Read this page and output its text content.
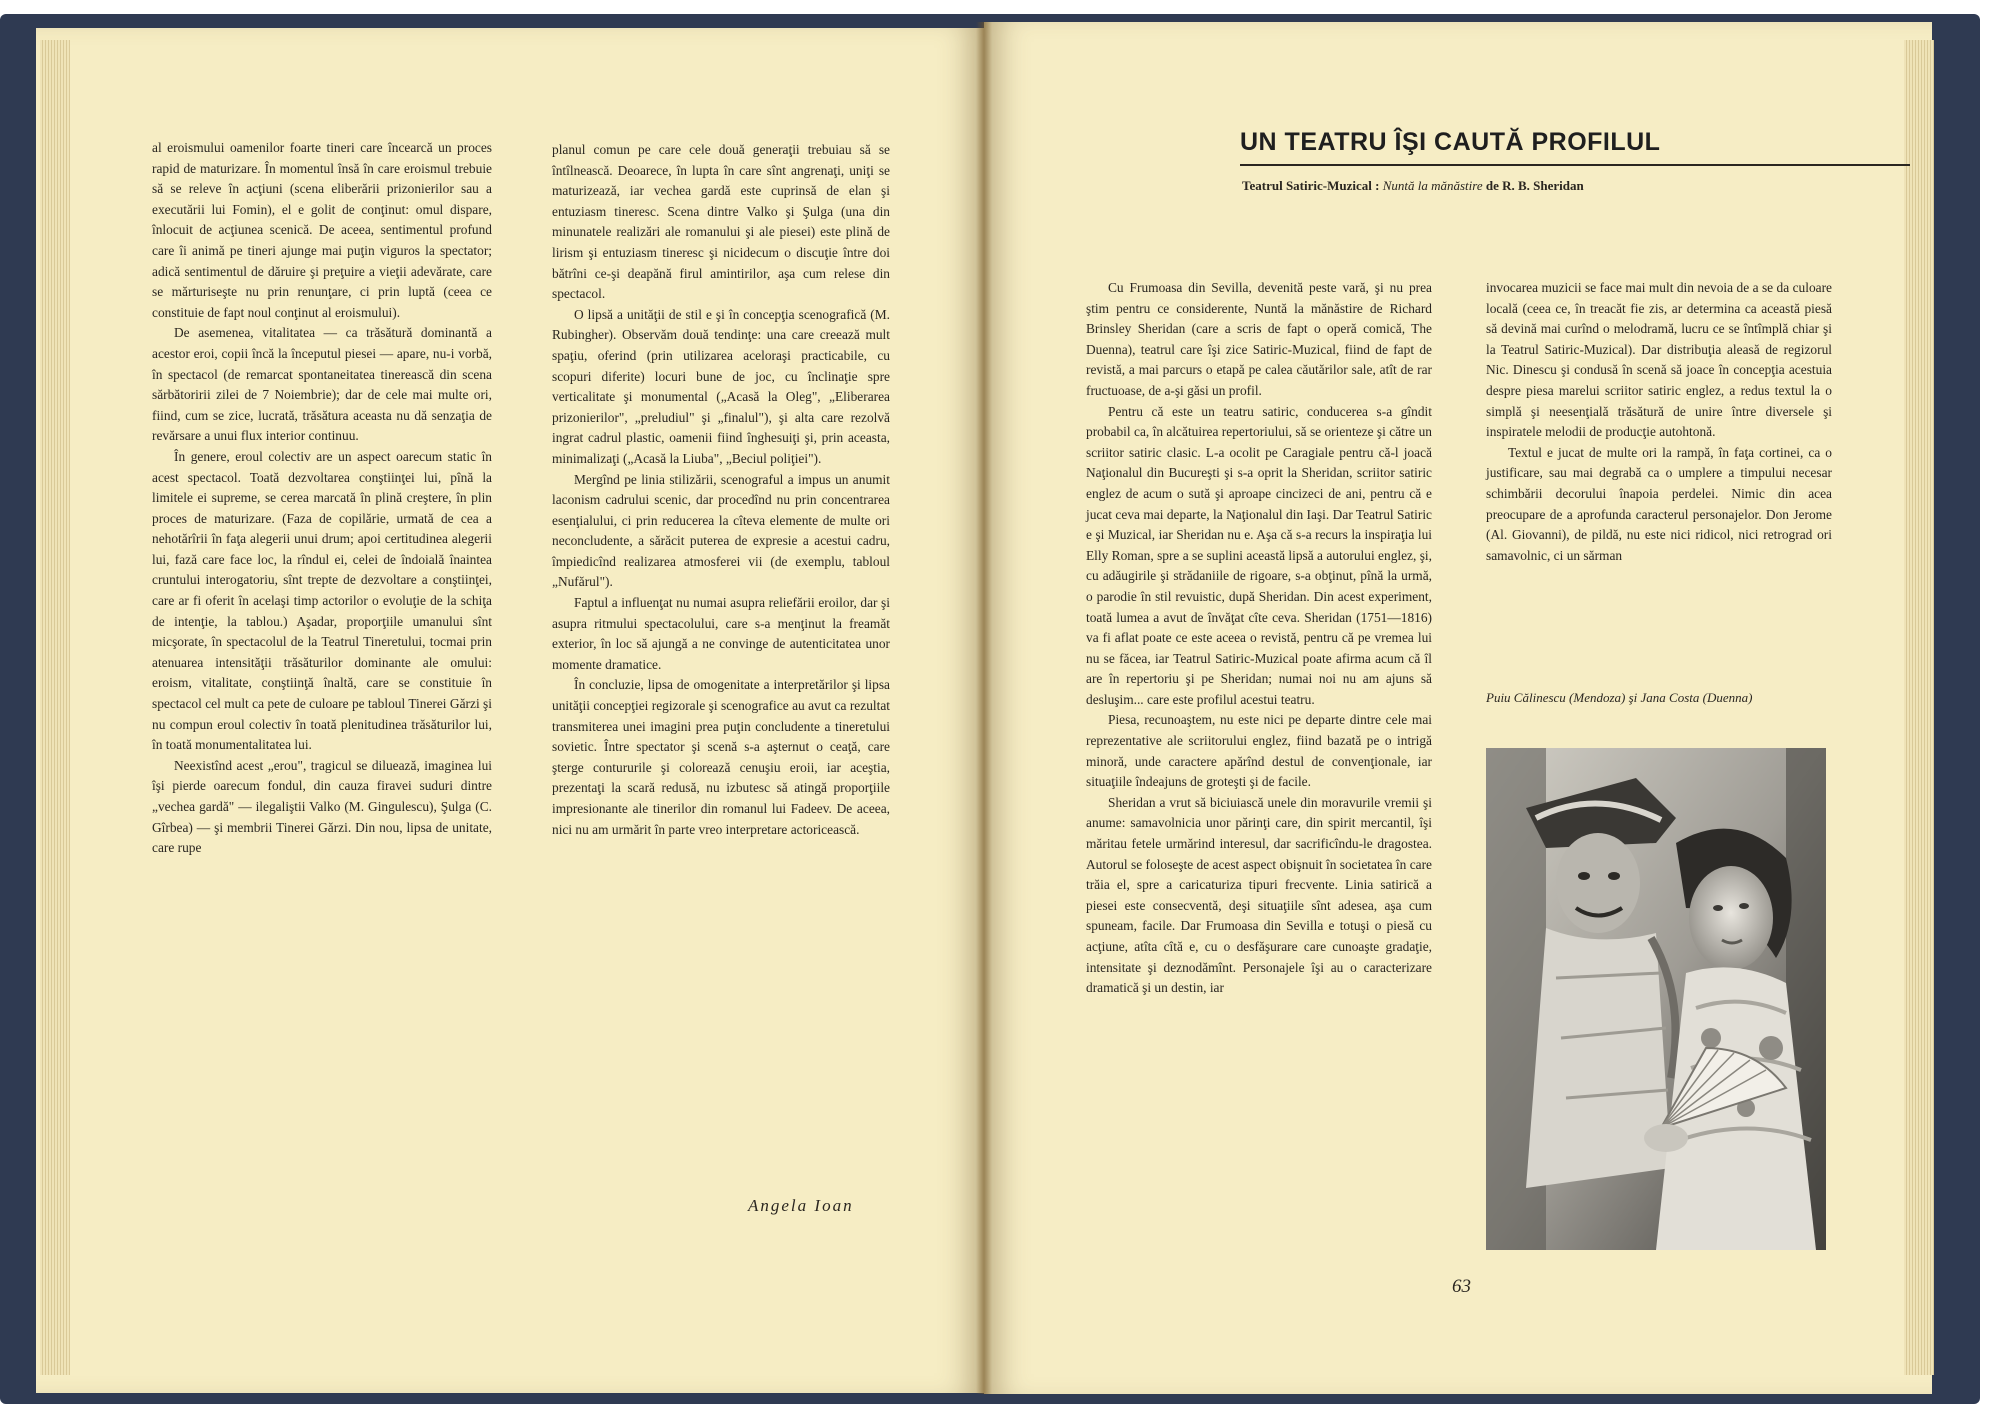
al eroismului oamenilor foarte tineri care încearcă un proces rapid de maturizare. În momentul însă în care eroismul trebuie să se releve în acţiuni (scena eliberării prizonierilor sau a executării lui Fomin), el e golit de conţinut: omul dispare, înlocuit de acţiunea scenică. De aceea, sentimentul profund care îi animă pe tineri ajunge mai puţin viguros la spectator; adică sentimentul de dăruire şi preţuire a vieţii adevărate, care se mărturiseşte nu prin renunţare, ci prin luptă (ceea ce constituie de fapt noul conţinut al eroismului).

De asemenea, vitalitatea — ca trăsătură dominantă a acestor eroi, copii încă la începutul piesei — apare, nu-i vorbă, în spectacol (de remarcat spontaneitatea tinerească din scena sărbătoririi zilei de 7 Noiembrie); dar de cele mai multe ori, fiind, cum se zice, lucrată, trăsătura aceasta nu dă senzaţia de revărsare a unui flux interior continuu.

În genere, eroul colectiv are un aspect oarecum static în acest spectacol. Toată dezvoltarea conştiinţei lui, pînă la limitele ei supreme, se cerea marcată în plină creştere, în plin proces de maturizare. (Faza de copilărie, urmată de cea a nehotărîrii în faţa alegerii unui drum; apoi certitudinea alegerii lui, fază care face loc, la rîndul ei, celei de îndoială înaintea cruntului interogatoriu, sînt trepte de dezvoltare a conştiinţei, care ar fi oferit în acelaşi timp actorilor o evoluţie de la schiţa de intenţie, la tablou.) Aşadar, proporţiile umanului sînt micşorate, în spectacolul de la Teatrul Tineretului, tocmai prin atenuarea intensităţii trăsăturilor dominante ale omului: eroism, vitalitate, conştiinţă înaltă, care se constituie în spectacol cel mult ca pete de culoare pe tabloul Tinerei Gărzi şi nu compun eroul colectiv în toată plenitudinea trăsăturilor lui, în toată monumentalitatea lui.

Neexistînd acest „erou", tragicul se diluează, imaginea lui îşi pierde oarecum fondul, din cauza firavei suduri dintre „vechea gardă" — ilegaliştii Valko (M. Gingulescu), Şulga (C. Gîrbea) — şi membrii Tinerei Gărzi. Din nou, lipsa de unitate, care rupe

planul comun pe care cele două generaţii trebuiau să se întîlnească. Deoarece, în lupta în care sînt angrenaţi, uniţi se maturizează, iar vechea gardă este cuprinsă de elan şi entuziasm tineresc. Scena dintre Valko şi Şulga (una din minunatele realizări ale romanului şi ale piesei) este plină de lirism şi entuziasm tineresc şi nicidecum o discuţie între doi bătrîni ce-şi deapănă firul amintirilor, aşa cum relese din spectacol.

O lipsă a unităţii de stil e şi în concepţia scenografică (M. Rubingher). Observăm două tendinţe: una care creează mult spaţiu, oferind (prin utilizarea aceloraşi practicabile, cu scopuri diferite) locuri bune de joc, cu înclinaţie spre verticalitate şi monumental („Acasă la Oleg", „Eliberarea prizonierilor", „preludiul" şi „finalul"), şi alta care rezolvă ingrat cadrul plastic, oamenii fiind înghesuiţi şi, prin aceasta, minimalizaţi („Acasă la Liuba", „Beciul poliţiei").

Mergînd pe linia stilizării, scenograful a impus un anumit laconism cadrului scenic, dar procedînd nu prin concentrarea esenţialului, ci prin reducerea la cîteva elemente de multe ori neconcludente, a sărăcit puterea de expresie a acestui cadru, împiedicînd realizarea atmosferei vii (de exemplu, tabloul „Nufărul").

Faptul a influenţat nu numai asupra reliefării eroilor, dar şi asupra ritmului spectacolului, care s-a menţinut la freamăt exterior, în loc să ajungă a ne convinge de autenticitatea unor momente dramatice.

În concluzie, lipsa de omogenitate a interpretărilor şi lipsa unităţii concepţiei regizorale şi scenografice au avut ca rezultat transmiterea unei imagini prea puţin concludente a tineretului sovietic. Între spectator şi scenă s-a aşternut o ceaţă, care şterge contururile şi colorează cenuşiu eroii, iar aceştia, prezentaţi la scară redusă, nu izbutesc să atingă proporţiile impresionante ale tinerilor din romanul lui Fadeev. De aceea, nici nu am urmărit în parte vreo interpretare actoricească.

Angela Ioan
UN TEATRU ÎŞI CAUTĂ PROFILUL
Teatrul Satiric-Muzical : Nuntă la mănăstire de R. B. Sheridan

Cu Frumoasa din Sevilla, devenită peste vară, şi nu prea ştim pentru ce considerente, Nuntă la mănăstire de Richard Brinsley Sheridan (care a scris de fapt o operă comică, The Duenna), teatrul care îşi zice Satiric-Muzical, fiind de fapt de revistă, a mai parcurs o etapă pe calea căutărilor sale, atît de rar fructuoase, de a-şi găsi un profil.

Pentru că este un teatru satiric, conducerea s-a gîndit probabil ca, în alcătuirea repertoriului, să se orienteze şi către un scriitor satiric clasic. L-a ocolit pe Caragiale pentru că-l joacă Naţionalul din Bucureşti şi s-a oprit la Sheridan, scriitor satiric englez de acum o sută şi aproape cincizeci de ani, pentru că e jucat ceva mai departe, la Naţionalul din Iaşi. Dar Teatrul Satiric e şi Muzical, iar Sheridan nu e. Aşa că s-a recurs la inspiraţia lui Elly Roman, spre a se suplini această lipsă a autorului englez, şi, cu adăugirile şi strădaniile de rigoare, s-a obţinut, pînă la urmă, o parodie în stil revuistic, după Sheridan. Din acest experiment, toată lumea a avut de învăţat cîte ceva. Sheridan (1751—1816) va fi aflat poate ce este aceea o revistă, pentru că pe vremea lui nu se făcea, iar Teatrul Satiric-Muzical poate afirma acum că îl are în repertoriu şi pe Sheridan; numai noi nu am ajuns să desluşim... care este profilul acestui teatru.

Piesa, recunoaştem, nu este nici pe departe dintre cele mai reprezentative ale scriitorului englez, fiind bazată pe o intrigă minoră, unde caractere apărînd destul de convenţionale, iar situaţiile îndeajuns de groteşti şi de facile.

Sheridan a vrut să biciuiască unele din moravurile vremii şi anume: samavolnicia unor părinţi care, din spirit mercantil, îşi măritau fetele urmărind interesul, dar sacrificîndu-le dragostea. Autorul se foloseşte de acest aspect obişnuit în societatea în care trăia el, spre a caricaturiza tipuri frecvente. Linia satirică a piesei este consecventă, deşi situaţiile sînt adesea, aşa cum spuneam, facile. Dar Frumoasa din Sevilla e totuşi o piesă cu acţiune, atîta cîtă e, cu o desfăşurare care cunoaşte gradaţie, intensitate şi deznodămînt. Personajele îşi au o caracterizare dramatică şi un destin, iar

invocarea muzicii se face mai mult din nevoia de a se da culoare locală (ceea ce, în treacăt fie zis, ar determina ca această piesă să devină mai curînd o melodramă, lucru ce se întîmplă chiar şi la Teatrul Satiric-Muzical). Dar distribuţia aleasă de regizorul Nic. Dinescu şi condusă în scenă să joace în concepţia acestuia despre piesa marelui scriitor satiric englez, a redus textul la o simplă şi neesenţială trăsătură de unire între diversele şi inspiratele melodii de producţie autohtonă.

Textul e jucat de multe ori la rampă, în faţa cortinei, ca o justificare, sau mai degrabă ca o umplere a timpului necesar schimbării decorului înapoia perdelei. Nimic din acea preocupare de a aprofunda caracterul personajelor. Don Jerome (Al. Giovanni), de pildă, nu este nici ridicol, nici retrograd ori samavolnic, ci un sărman

Puiu Călinescu (Mendoza) şi Jana Costa (Duenna)
63
